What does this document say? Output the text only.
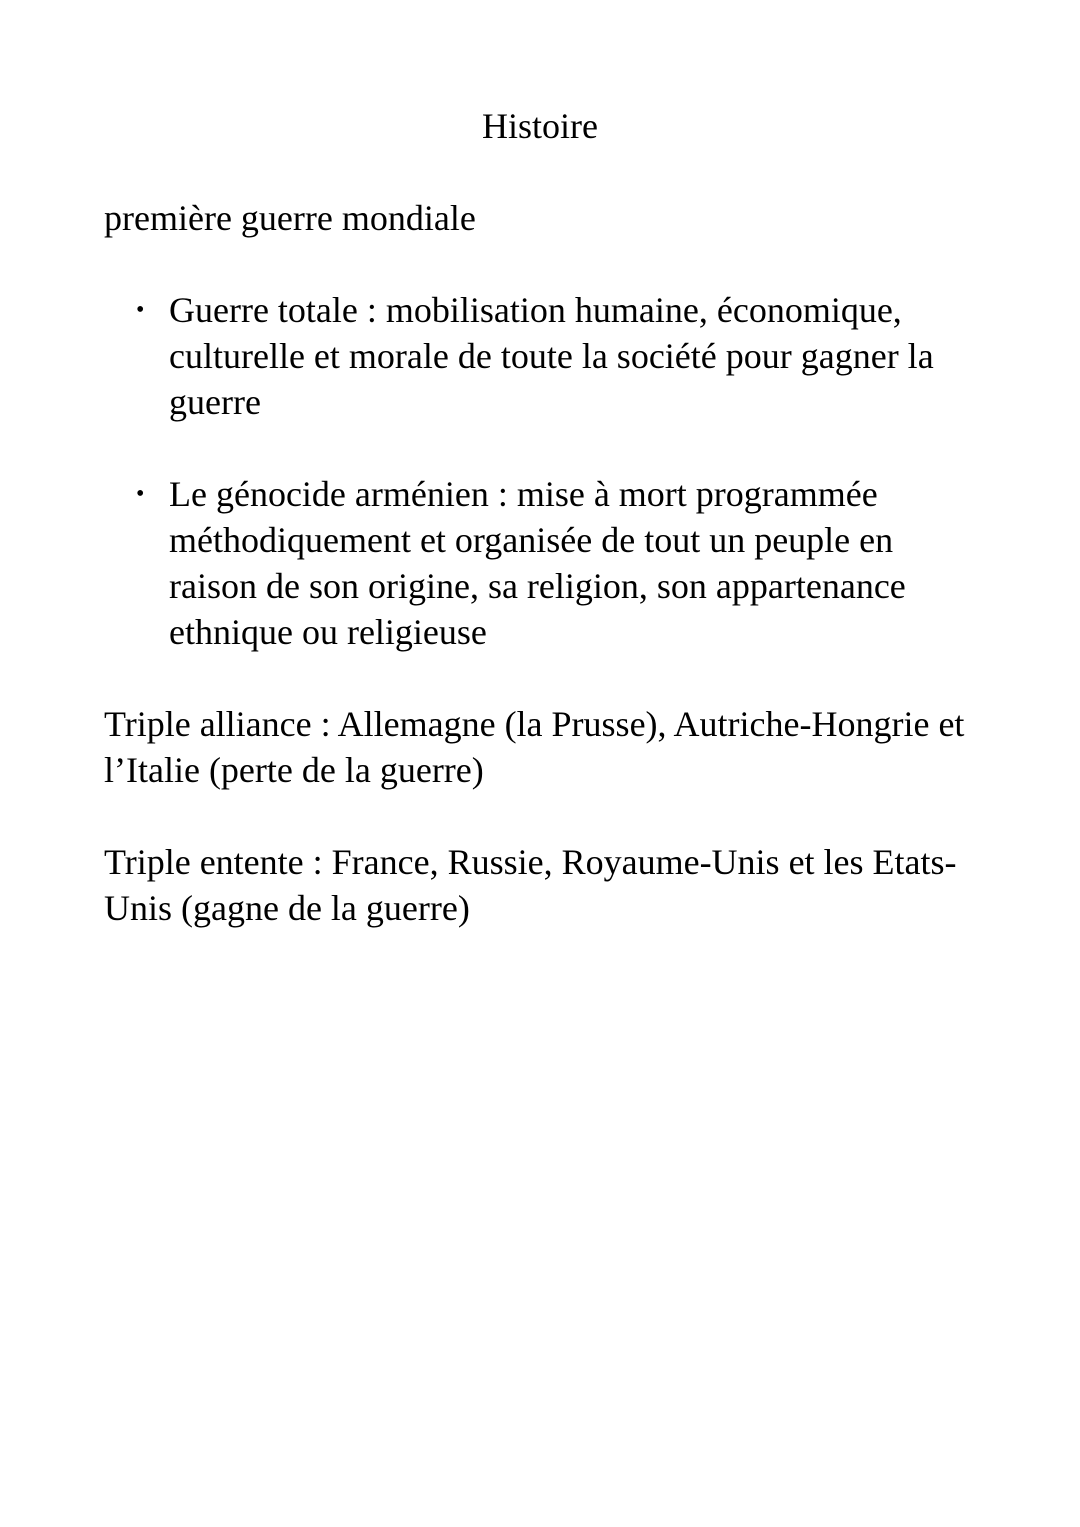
Histoire

première guerre mondiale

• Guerre totale : mobilisation humaine, économique, culturelle et morale de toute la société pour gagner la guerre
• Le génocide arménien : mise à mort programmée méthodiquement et organisée de tout un peuple en raison de son origine, sa religion, son appartenance ethnique ou religieuse

Triple alliance : Allemagne (la Prusse), Autriche-Hongrie et l’Italie (perte de la guerre)

Triple entente : France, Russie, Royaume-Unis et les Etats-Unis (gagne de la guerre)
